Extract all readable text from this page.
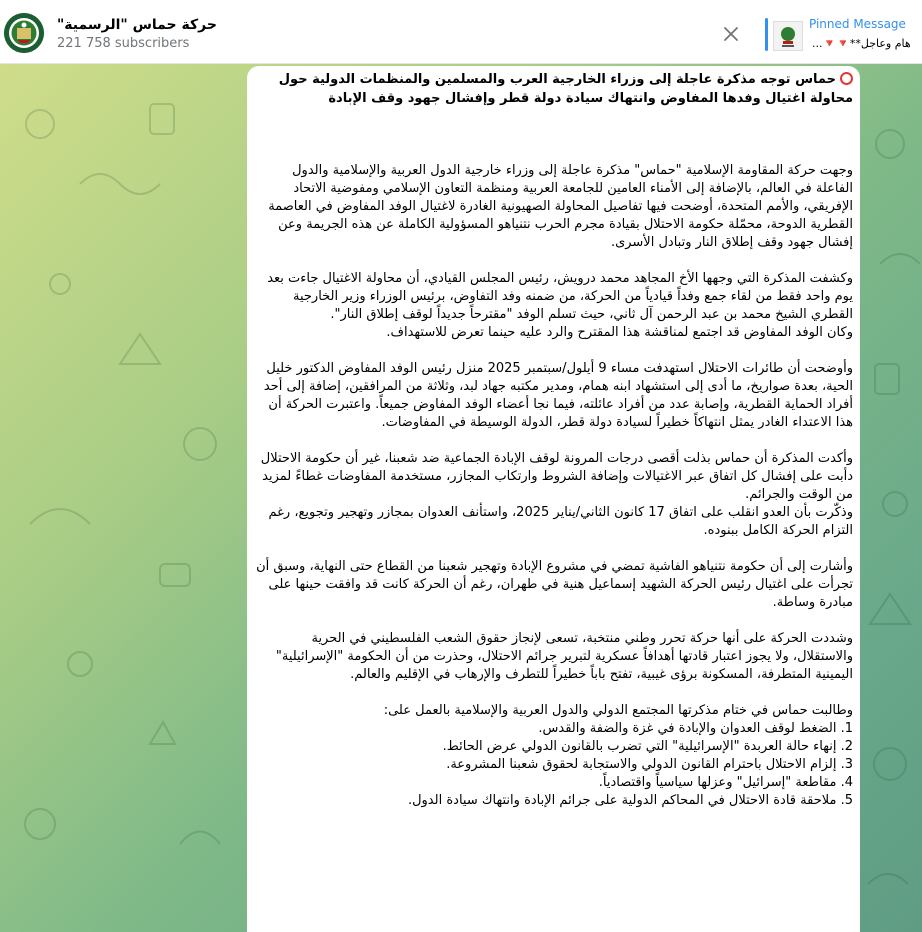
حركة حماس "الرسمية"
221 758 subscribers
Pinned Message
هام وعاجل**🔻🔻...
حماس توجه مذكرة عاجلة إلى وزراء الخارجية العرب والمسلمين والمنظمات الدولية حول محاولة اغتيال وفدها المفاوض وانتهاك سيادة دولة قطر وإفشال جهود وقف الإبادة
وجهت حركة المقاومة الإسلامية "حماس" مذكرة عاجلة إلى وزراء خارجية الدول العربية والإسلامية والدول الفاعلة في العالم، بالإضافة إلى الأمناء العامين للجامعة العربية ومنظمة التعاون الإسلامي ومفوضية الاتحاد الإفريقي، والأمم المتحدة، أوضحت فيها تفاصيل المحاولة الصهيونية الغادرة لاغتيال الوفد المفاوض في العاصمة القطرية الدوحة، محمّلة حكومة الاحتلال بقيادة مجرم الحرب نتنياهو المسؤولية الكاملة عن هذه الجريمة وعن إفشال جهود وقف إطلاق النار وتبادل الأسرى.
وكشفت المذكرة التي وجهها الأخ المجاهد محمد درويش، رئيس المجلس القيادي، أن محاولة الاغتيال جاءت بعد يوم واحد فقط من لقاء جمع وفداً قيادياً من الحركة، من ضمنه وفد التفاوض، برئيس الوزراء وزير الخارجية القطري الشيخ محمد بن عبد الرحمن آل ثاني، حيث تسلم الوفد "مقترحاً جديداً لوقف إطلاق النار".
وكان الوفد المفاوض قد اجتمع لمناقشة هذا المقترح والرد عليه حينما تعرض للاستهداف.
وأوضحت أن طائرات الاحتلال استهدفت مساء 9 أيلول/سبتمبر 2025 منزل رئيس الوفد المفاوض الدكتور خليل الحية، بعدة صواريخ، ما أدى إلى استشهاد ابنه همام، ومدير مكتبه جهاد لبد، وثلاثة من المرافقين، إضافة إلى أحد أفراد الحماية القطرية، وإصابة عدد من أفراد عائلته، فيما نجا أعضاء الوفد المفاوض جميعاً. واعتبرت الحركة أن هذا الاعتداء الغادر يمثل انتهاكاً خطيراً لسيادة دولة قطر، الدولة الوسيطة في المفاوضات.
وأكدت المذكرة أن حماس بذلت أقصى درجات المرونة لوقف الإبادة الجماعية ضد شعبنا، غير أن حكومة الاحتلال دأبت على إفشال كل اتفاق عبر الاغتيالات وإضافة الشروط وارتكاب المجازر، مستخدمة المفاوضات غطاءً لمزيد من الوقت والجرائم.
وذكّرت بأن العدو انقلب على اتفاق 17 كانون الثاني/يناير 2025، واستأنف العدوان بمجازر وتهجير وتجويع، رغم التزام الحركة الكامل ببنوده.
وأشارت إلى أن حكومة نتنياهو الفاشية تمضي في مشروع الإبادة وتهجير شعبنا من القطاع حتى النهاية، وسبق أن تجرأت على اغتيال رئيس الحركة الشهيد إسماعيل هنية في طهران، رغم أن الحركة كانت قد وافقت حينها على مبادرة وساطة.
وشددت الحركة على أنها حركة تحرر وطني منتخبة، تسعى لإنجاز حقوق الشعب الفلسطيني في الحرية والاستقلال، ولا يجوز اعتبار قادتها أهدافاً عسكرية لتبرير جرائم الاحتلال، وحذرت من أن الحكومة "الإسرائيلية" اليمينية المتطرفة، المسكونة برؤى غيبية، تفتح باباً خطيراً للتطرف والإرهاب في الإقليم والعالم.
وطالبت حماس في ختام مذكرتها المجتمع الدولي والدول العربية والإسلامية بالعمل على:
1. الضغط لوقف العدوان والإبادة في غزة والضفة والقدس.
2. إنهاء حالة العربدة "الإسرائيلية" التي تضرب بالقانون الدولي عرض الحائط.
3. إلزام الاحتلال باحترام القانون الدولي والاستجابة لحقوق شعبنا المشروعة.
4. مقاطعة "إسرائيل" وعزلها سياسياً واقتصادياً.
5. ملاحقة قادة الاحتلال في المحاكم الدولية على جرائم الإبادة وانتهاك سيادة الدول.
